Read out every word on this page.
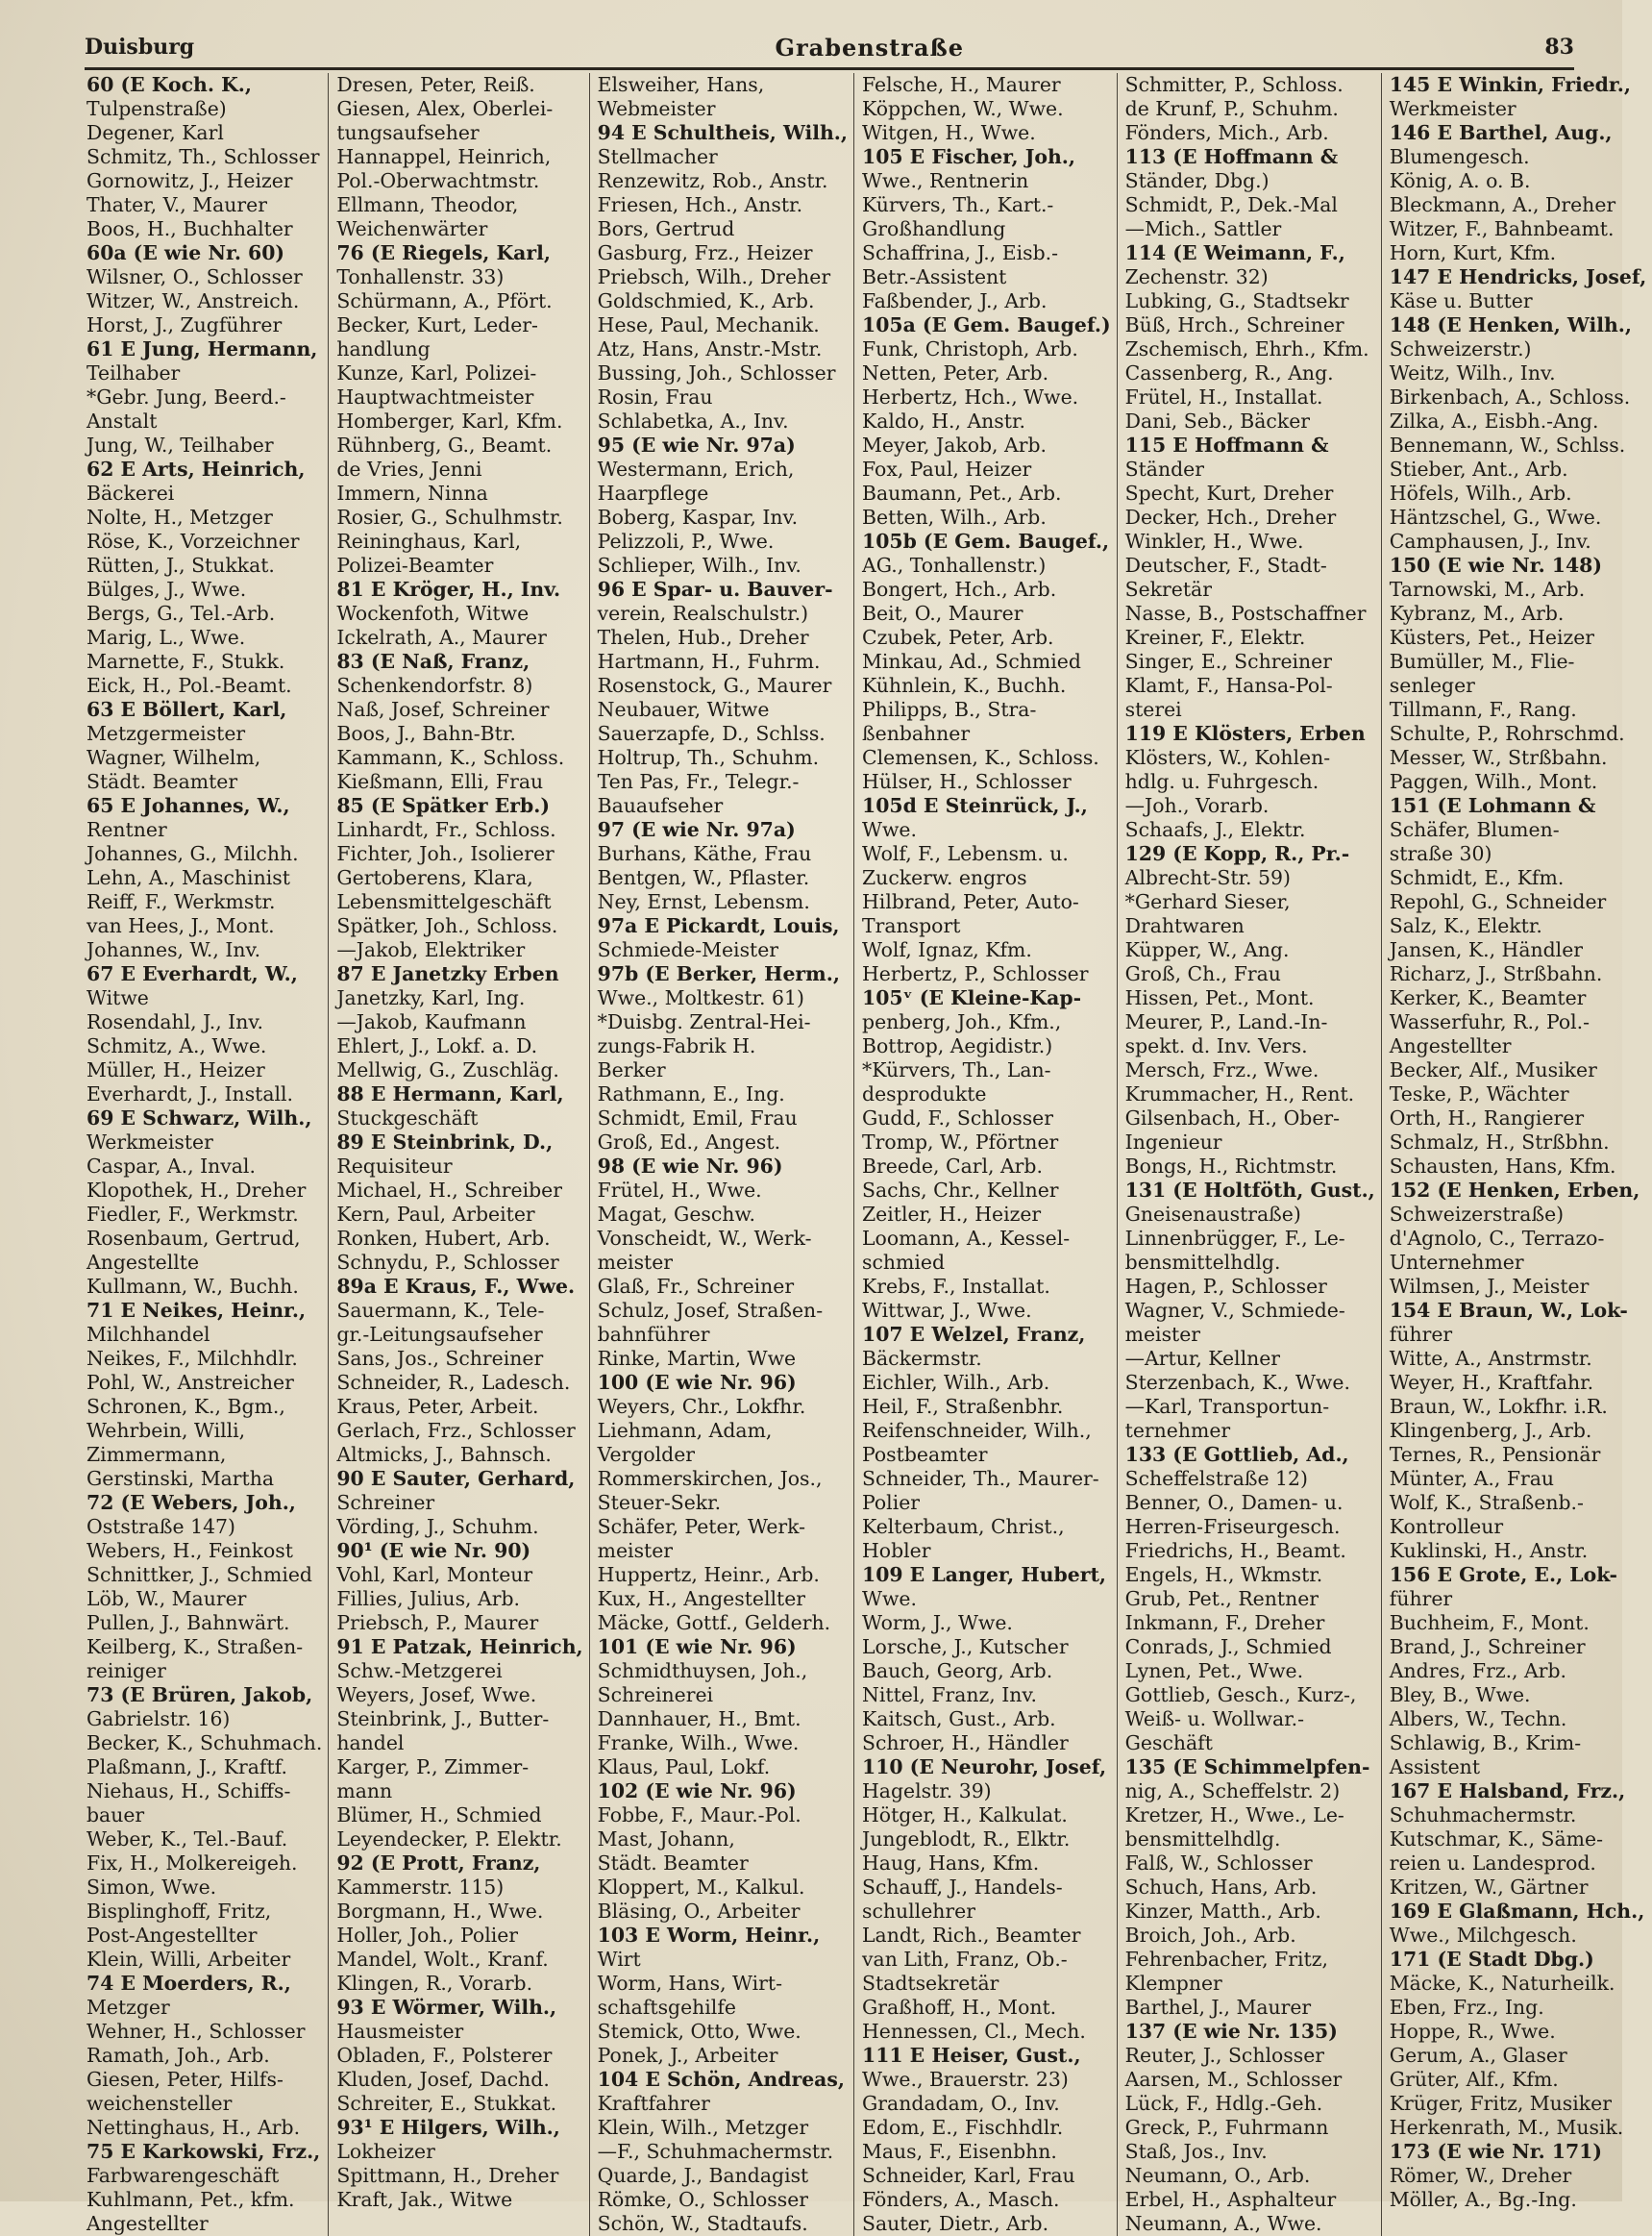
Duisburg	Grabenstraße	83
60 (E Koch. K.,
Tulpenstraße)
Degener, Karl
Schmitz, Th., Schlosser
Gornowitz, J., Heizer
Thater, V., Maurer
Boos, H., Buchhalter
60a (E wie Nr. 60)
Wilsner, O., Schlosser
Witzer, W., Anstreich.
Horst, J., Zugführer
61 E Jung, Hermann,
Teilhaber
*Gebr. Jung, Beerd.-
Anstalt
Jung, W., Teilhaber
62 E Arts, Heinrich,
Bäckerei
Nolte, H., Metzger
Röse, K., Vorzeichner
Rütten, J., Stukkat.
Bülges, J., Wwe.
Bergs, G., Tel.-Arb.
Marig, L., Wwe.
Marnette, F., Stukk.
Eick, H., Pol.-Beamt.
63 E Böllert, Karl,
Metzgermeister
Wagner, Wilhelm,
Städt. Beamter
65 E Johannes, W.,
Rentner
Johannes, G., Milchh.
Lehn, A., Maschinist
Reiff, F., Werkmstr.
van Hees, J., Mont.
Johannes, W., Inv.
67 E Everhardt, W.,
Witwe
Rosendahl, J., Inv.
Schmitz, A., Wwe.
Müller, H., Heizer
Everhardt, J., Install.
69 E Schwarz, Wilh.,
Werkmeister
Caspar, A., Inval.
Klopothek, H., Dreher
Fiedler, F., Werkmstr.
Rosenbaum, Gertrud,
Angestellte
Kullmann, W., Buchh.
71 E Neikes, Heinr.,
Milchhandel
Neikes, F., Milchhdlr.
Pohl, W., Anstreicher
Schronen, K., Bgm.,
Wehrbein, Willi,
Zimmermann,
Gerstinski, Martha
72 (E Webers, Joh.,
Oststraße 147)
Webers, H., Feinkost
Schnittker, J., Schmied
Löb, W., Maurer
Pullen, J., Bahnwärt.
Keilberg, K., Straßen-
reiniger
73 (E Brüren, Jakob,
Gabrielstr. 16)
Becker, K., Schuhmach.
Plaßmann, J., Kraftf.
Niehaus, H., Schiffs-
bauer
Weber, K., Tel.-Bauf.
Fix, H., Molkereigeh.
Simon, Wwe.
Bisplinghoff, Fritz,
Post-Angestellter
Klein, Willi, Arbeiter
74 E Moerders, R.,
Metzger
Wehner, H., Schlosser
Ramath, Joh., Arb.
Giesen, Peter, Hilfs-
weichensteller
Nettinghaus, H., Arb.
75 E Karkowski, Frz.,
Farbwarengeschäft
Kuhlmann, Pet., kfm.
Angestellter
Dresen, Peter, Reiß.
Giesen, Alex, Oberlei-
tungsaufseher
Hannappel, Heinrich,
Pol.-Oberwachtmstr.
Ellmann, Theodor,
Weichenwärter
76 (E Riegels, Karl,
Tonhallenstr. 33)
Schürmann, A., Pfört.
Becker, Kurt, Leder-
handlung
Kunze, Karl, Polizei-
Hauptwachtmeister
Homberger, Karl, Kfm.
Rühnberg, G., Beamt.
de Vries, Jenni
Immern, Ninna
Rosier, G., Schulhmstr.
Reininghaus, Karl,
Polizei-Beamter
81 E Kröger, H., Inv.
Wockenfoth, Witwe
Ickelrath, A., Maurer
83 (E Naß, Franz,
Schenkendorfstr. 8)
Naß, Josef, Schreiner
Boos, J., Bahn-Btr.
Kammann, K., Schloss.
Kießmann, Elli, Frau
85 (E Spätker Erb.)
Linhardt, Fr., Schloss.
Fichter, Joh., Isolierer
Gertoberens, Klara,
Lebensmittelgeschäft
Spätker, Joh., Schloss.
—Jakob, Elektriker
87 E Janetzky Erben
Janetzky, Karl, Ing.
—Jakob, Kaufmann
Ehlert, J., Lokf. a. D.
Mellwig, G., Zuschläg.
88 E Hermann, Karl,
Stuckgeschäft
89 E Steinbrink, D.,
Requisiteur
Michael, H., Schreiber
Kern, Paul, Arbeiter
Ronken, Hubert, Arb.
Schnydu, P., Schlosser
89a E Kraus, F., Wwe.
Sauermann, K., Tele-
gr.-Leitungsaufseher
Sans, Jos., Schreiner
Schneider, R., Ladesch.
Kraus, Peter, Arbeit.
Gerlach, Frz., Schlosser
Altmicks, J., Bahnsch.
90 E Sauter, Gerhard,
Schreiner
Vörding, J., Schuhm.
90¹ (E wie Nr. 90)
Vohl, Karl, Monteur
Fillies, Julius, Arb.
Priebsch, P., Maurer
91 E Patzak, Heinrich,
Schw.-Metzgerei
Weyers, Josef, Wwe.
Steinbrink, J., Butter-
handel
Karger, P., Zimmer-
mann
Blümer, H., Schmied
Leyendecker, P. Elektr.
92 (E Prott, Franz,
Kammerstr. 115)
Borgmann, H., Wwe.
Holler, Joh., Polier
Mandel, Wolt., Kranf.
Klingen, R., Vorarb.
93 E Wörmer, Wilh.,
Hausmeister
Obladen, F., Polsterer
Kluden, Josef, Dachd.
Schreiter, E., Stukkat.
93¹ E Hilgers, Wilh.,
Lokheizer
Spittmann, H., Dreher
Kraft, Jak., Witwe
Elsweiher, Hans,
Webmeister
94 E Schultheis, Wilh.,
Stellmacher
Renzewitz, Rob., Anstr.
Friesen, Hch., Anstr.
Bors, Gertrud
Gasburg, Frz., Heizer
Priebsch, Wilh., Dreher
Goldschmied, K., Arb.
Hese, Paul, Mechanik.
Atz, Hans, Anstr.-Mstr.
Bussing, Joh., Schlosser
Rosin, Frau
Schlabetka, A., Inv.
95 (E wie Nr. 97a)
Westermann, Erich,
Haarpflege
Boberg, Kaspar, Inv.
Pelizzoli, P., Wwe.
Schlieper, Wilh., Inv.
96 E Spar- u. Bauver-
verein, Realschulstr.)
Thelen, Hub., Dreher
Hartmann, H., Fuhrm.
Rosenstock, G., Maurer
Neubauer, Witwe
Sauerzapfe, D., Schlss.
Holtrup, Th., Schuhm.
Ten Pas, Fr., Telegr.-
Bauaufseher
97 (E wie Nr. 97a)
Burhans, Käthe, Frau
Bentgen, W., Pflaster.
Ney, Ernst, Lebensm.
97a E Pickardt, Louis,
Schmiede-Meister
97b (E Berker, Herm.,
Wwe., Moltkestr. 61)
*Duisbg. Zentral-Hei-
zungs-Fabrik H.
Berker
Rathmann, E., Ing.
Schmidt, Emil, Frau
Groß, Ed., Angest.
98 (E wie Nr. 96)
Frütel, H., Wwe.
Magat, Geschw.
Vonscheidt, W., Werk-
meister
Glaß, Fr., Schreiner
Schulz, Josef, Straßen-
bahnführer
Rinke, Martin, Wwe
100 (E wie Nr. 96)
Weyers, Chr., Lokfhr.
Liehmann, Adam,
Vergolder
Rommerskirchen, Jos.,
Steuer-Sekr.
Schäfer, Peter, Werk-
meister
Huppertz, Heinr., Arb.
Kux, H., Angestellter
Mäcke, Gottf., Gelderh.
101 (E wie Nr. 96)
Schmidthuysen, Joh.,
Schreinerei
Dannhauer, H., Bmt.
Franke, Wilh., Wwe.
Klaus, Paul, Lokf.
102 (E wie Nr. 96)
Fobbe, F., Maur.-Pol.
Mast, Johann,
Städt. Beamter
Kloppert, M., Kalkul.
Bläsing, O., Arbeiter
103 E Worm, Heinr.,
Wirt
Worm, Hans, Wirt-
schaftsgehilfe
Stemick, Otto, Wwe.
Ponek, J., Arbeiter
104 E Schön, Andreas,
Kraftfahrer
Klein, Wilh., Metzger
—F., Schuhmachermstr.
Quarde, J., Bandagist
Römke, O., Schlosser
Schön, W., Stadtaufs.
Felsche, H., Maurer
Köppchen, W., Wwe.
Witgen, H., Wwe.
105 E Fischer, Joh.,
Wwe., Rentnerin
Kürvers, Th., Kart.-
Großhandlung
Schaffrina, J., Eisb.-
Betr.-Assistent
Faßbender, J., Arb.
105a (E Gem. Baugef.)
Funk, Christoph, Arb.
Netten, Peter, Arb.
Herbertz, Hch., Wwe.
Kaldo, H., Anstr.
Meyer, Jakob, Arb.
Fox, Paul, Heizer
Baumann, Pet., Arb.
Betten, Wilh., Arb.
105b (E Gem. Baugef.,
AG., Tonhallenstr.)
Bongert, Hch., Arb.
Beit, O., Maurer
Czubek, Peter, Arb.
Minkau, Ad., Schmied
Kühnlein, K., Buchh.
Philipps, B., Stra-
ßenbahner
Clemensen, K., Schloss.
Hülser, H., Schlosser
105d E Steinrück, J.,
Wwe.
Wolf, F., Lebensm. u.
Zuckerw. engros
Hilbrand, Peter, Auto-
Transport
Wolf, Ignaz, Kfm.
Herbertz, P., Schlosser
105ᵛ (E Kleine-Kap-
penberg, Joh., Kfm.,
Bottrop, Aegidistr.)
*Kürvers, Th., Lan-
desprodukte
Gudd, F., Schlosser
Tromp, W., Pförtner
Breede, Carl, Arb.
Sachs, Chr., Kellner
Zeitler, H., Heizer
Loomann, A., Kessel-
schmied
Krebs, F., Installat.
Wittwar, J., Wwe.
107 E Welzel, Franz,
Bäckermstr.
Eichler, Wilh., Arb.
Heil, F., Straßenbhr.
Reifenschneider, Wilh.,
Postbeamter
Schneider, Th., Maurer-
Polier
Kelterbaum, Christ.,
Hobler
109 E Langer, Hubert,
Wwe.
Worm, J., Wwe.
Lorsche, J., Kutscher
Bauch, Georg, Arb.
Nittel, Franz, Inv.
Kaitsch, Gust., Arb.
Schroer, H., Händler
110 (E Neurohr, Josef,
Hagelstr. 39)
Hötger, H., Kalkulat.
Jungeblodt, R., Elktr.
Haug, Hans, Kfm.
Schauff, J., Handels-
schullehrer
Landt, Rich., Beamter
van Lith, Franz, Ob.-
Stadtsekretär
Graßhoff, H., Mont.
Hennessen, Cl., Mech.
111 E Heiser, Gust.,
Wwe., Brauerstr. 23)
Grandadam, O., Inv.
Edom, E., Fischhdlr.
Maus, F., Eisenbhn.
Schneider, Karl, Frau
Fönders, A., Masch.
Sauter, Dietr., Arb.
Schmitter, P., Schloss.
de Krunf, P., Schuhm.
Fönders, Mich., Arb.
113 (E Hoffmann &
Ständer, Dbg.)
Schmidt, P., Dek.-Mal
—Mich., Sattler
114 (E Weimann, F.,
Zechenstr. 32)
Lubking, G., Stadtsekr
Büß, Hrch., Schreiner
Zschemisch, Ehrh., Kfm.
Cassenberg, R., Ang.
Frütel, H., Installat.
Dani, Seb., Bäcker
115 E Hoffmann &
Ständer
Specht, Kurt, Dreher
Decker, Hch., Dreher
Winkler, H., Wwe.
Deutscher, F., Stadt-
Sekretär
Nasse, B., Postschaffner
Kreiner, F., Elektr.
Singer, E., Schreiner
Klamt, F., Hansa-Pol-
sterei
119 E Klösters, Erben
Klösters, W., Kohlen-
hdlg. u. Fuhrgesch.
—Joh., Vorarb.
Schaafs, J., Elektr.
129 (E Kopp, R., Pr.-
Albrecht-Str. 59)
*Gerhard Sieser,
Drahtwaren
Küpper, W., Ang.
Groß, Ch., Frau
Hissen, Pet., Mont.
Meurer, P., Land.-In-
spekt. d. Inv. Vers.
Mersch, Frz., Wwe.
Krummacher, H., Rent.
Gilsenbach, H., Ober-
Ingenieur
Bongs, H., Richtmstr.
131 (E Holtföth, Gust.,
Gneisenaustraße)
Linnenbrügger, F., Le-
bensmittelhdlg.
Hagen, P., Schlosser
Wagner, V., Schmiede-
meister
—Artur, Kellner
Sterzenbach, K., Wwe.
—Karl, Transportun-
ternehmer
133 (E Gottlieb, Ad.,
Scheffelstraße 12)
Benner, O., Damen- u.
Herren-Friseurgesch.
Friedrichs, H., Beamt.
Engels, H., Wkmstr.
Grub, Pet., Rentner
Inkmann, F., Dreher
Conrads, J., Schmied
Lynen, Pet., Wwe.
Gottlieb, Gesch., Kurz-,
Weiß- u. Wollwar.-
Geschäft
135 (E Schimmelpfen-
nig, A., Scheffelstr. 2)
Kretzer, H., Wwe., Le-
bensmittelhdlg.
Falß, W., Schlosser
Schuch, Hans, Arb.
Kinzer, Matth., Arb.
Broich, Joh., Arb.
Fehrenbacher, Fritz,
Klempner
Barthel, J., Maurer
137 (E wie Nr. 135)
Reuter, J., Schlosser
Aarsen, M., Schlosser
Lück, F., Hdlg.-Geh.
Greck, P., Fuhrmann
Staß, Jos., Inv.
Neumann, O., Arb.
Erbel, H., Asphalteur
Neumann, A., Wwe.
145 E Winkin, Friedr.,
Werkmeister
146 E Barthel, Aug.,
Blumengesch.
König, A. o. B.
Bleckmann, A., Dreher
Witzer, F., Bahnbeamt.
Horn, Kurt, Kfm.
147 E Hendricks, Josef,
Käse u. Butter
148 (E Henken, Wilh.,
Schweizerstr.)
Weitz, Wilh., Inv.
Birkenbach, A., Schloss.
Zilka, A., Eisbh.-Ang.
Bennemann, W., Schlss.
Stieber, Ant., Arb.
Höfels, Wilh., Arb.
Häntzschel, G., Wwe.
Camphausen, J., Inv.
150 (E wie Nr. 148)
Tarnowski, M., Arb.
Kybranz, M., Arb.
Küsters, Pet., Heizer
Bumüller, M., Flie-
senleger
Tillmann, F., Rang.
Schulte, P., Rohrschmd.
Messer, W., Strßbahn.
Paggen, Wilh., Mont.
151 (E Lohmann &
Schäfer, Blumen-
straße 30)
Schmidt, E., Kfm.
Repohl, G., Schneider
Salz, K., Elektr.
Jansen, K., Händler
Richarz, J., Strßbahn.
Kerker, K., Beamter
Wasserfuhr, R., Pol.-
Angestellter
Becker, Alf., Musiker
Teske, P., Wächter
Orth, H., Rangierer
Schmalz, H., Strßbhn.
Schausten, Hans, Kfm.
152 (E Henken, Erben,
Schweizerstraße)
d'Agnolo, C., Terrazo-
Unternehmer
Wilmsen, J., Meister
154 E Braun, W., Lok-
führer
Witte, A., Anstrmstr.
Weyer, H., Kraftfahr.
Braun, W., Lokfhr. i.R.
Klingenberg, J., Arb.
Ternes, R., Pensionär
Münter, A., Frau
Wolf, K., Straßenb.-
Kontrolleur
Kuklinski, H., Anstr.
156 E Grote, E., Lok-
führer
Buchheim, F., Mont.
Brand, J., Schreiner
Andres, Frz., Arb.
Bley, B., Wwe.
Albers, W., Techn.
Schlawig, B., Krim-
Assistent
167 E Halsband, Frz.,
Schuhmachermstr.
Kutschmar, K., Säme-
reien u. Landesprod.
Kritzen, W., Gärtner
169 E Glaßmann, Hch.,
Wwe., Milchgesch.
171 (E Stadt Dbg.)
Mäcke, K., Naturheilk.
Eben, Frz., Ing.
Hoppe, R., Wwe.
Gerum, A., Glaser
Grüter, Alf., Kfm.
Krüger, Fritz, Musiker
Herkenrath, M., Musik.
173 (E wie Nr. 171)
Römer, W., Dreher
Möller, A., Bg.-Ing.
